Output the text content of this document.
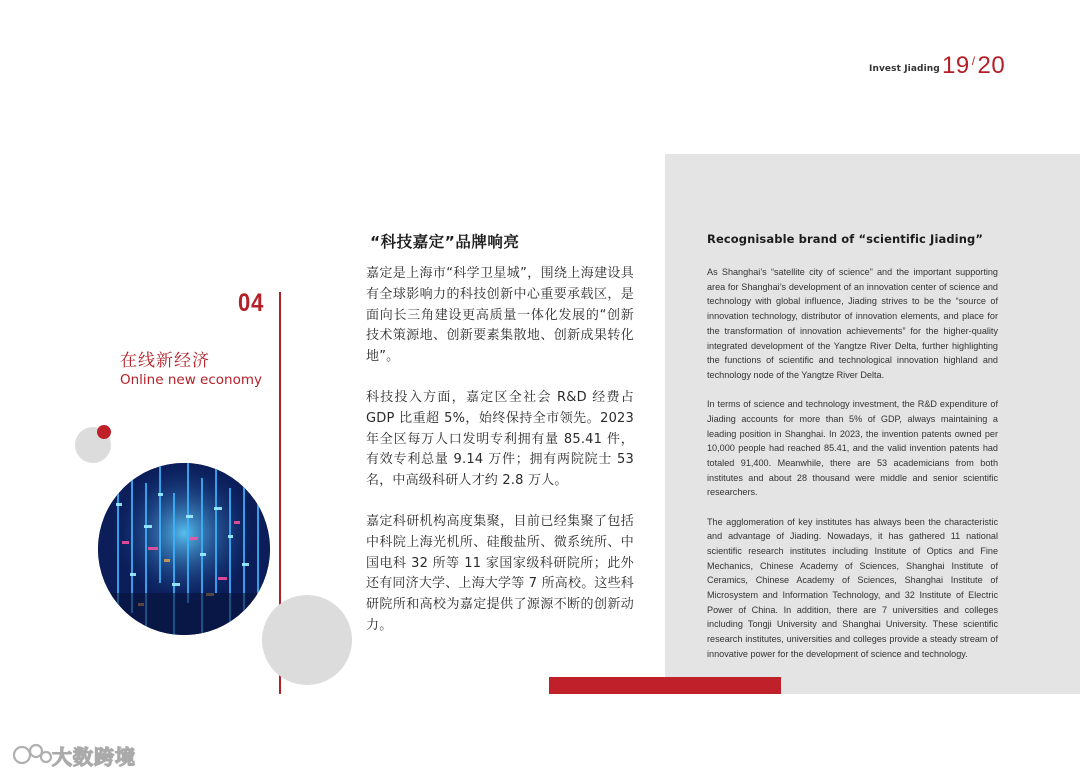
Invest Jiading 19 /20
04
在线新经济
Online new economy
“科技嘉定”品牌响亮

嘉定是上海市“科学卫星城”，围绕上海建设具有全球影响力的科技创新中心重要承载区，是面向长三角建设更高质量一体化发展的“创新技术策源地、创新要素集散地、创新成果转化地”。

科技投入方面，嘉定区全社会 R&D 经费占 GDP 比重超 5%，始终保持全市领先。2023 年全区每万人口发明专利拥有量 85.41 件，有效专利总量 9.14 万件；拥有两院院士 53 名，中高级科研人才约 2.8 万人。

嘉定科研机构高度集聚，目前已经集聚了包括中科院上海光机所、硅酸盐所、微系统所、中国电科 32 所等 11 家国家级科研院所；此外还有同济大学、上海大学等 7 所高校。这些科研院所和高校为嘉定提供了源源不断的创新动力。

Recognisable brand of “scientific Jiading”

As Shanghai’s “satellite city of science” and the important supporting area for Shanghai’s development of an innovation center of science and technology with global influence, Jiading strives to be the “source of innovation technology, distributor of innovation elements, and place for the transformation of innovation achievements” for the higher-quality integrated development of the Yangtze River Delta, further highlighting the functions of scientific and technological innovation highland and technology node of the Yangtze River Delta.

In terms of science and technology investment, the R&D expenditure of Jiading accounts for more than 5% of GDP, always maintaining a leading position in Shanghai. In 2023, the invention patents owned per 10,000 people had reached 85.41, and the valid invention patents had totaled 91,400. Meanwhile, there are 53 academicians from both institutes and about 28 thousand were middle and senior scientific researchers.

The agglomeration of key institutes has always been the characteristic and advantage of Jiading. Nowadays, it has gathered 11 national scientific research institutes including Institute of Optics and Fine Mechanics, Chinese Academy of Sciences, Shanghai Institute of Ceramics, Chinese Academy of Sciences, Shanghai Institute of Microsystem and Information Technology, and 32 Institute of Electric Power of China. In addition, there are 7 universities and colleges including Tongji University and Shanghai University. These scientific research institutes, universities and colleges provide a steady stream of innovative power for the development of science and technology.

大数跨境
